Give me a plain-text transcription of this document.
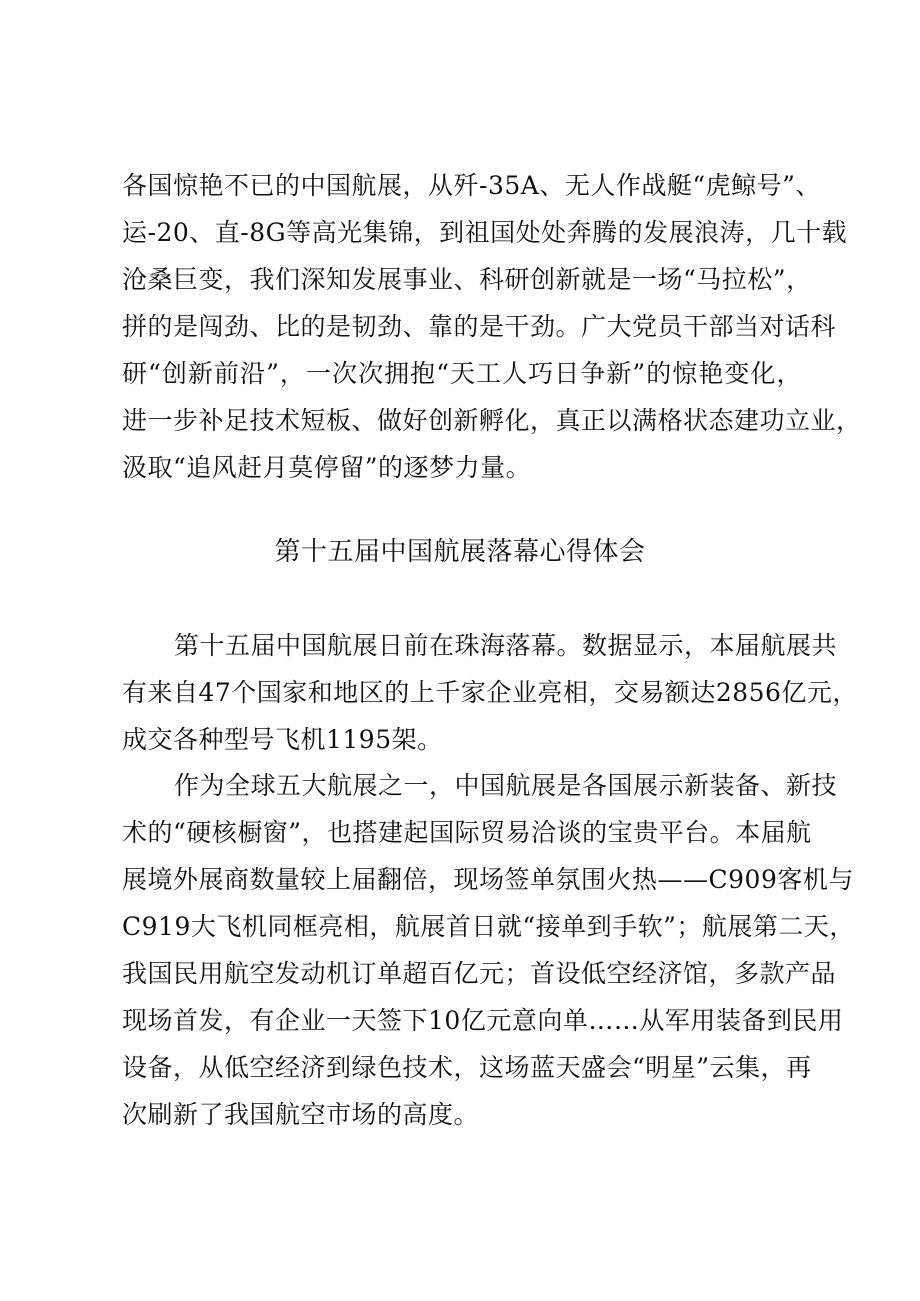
各国惊艳不已的中国航展，从歼-35A、无人作战艇“虎鲸号”、
运-20、直-8G等高光集锦，到祖国处处奔腾的发展浪涛，几十载
沧桑巨变，我们深知发展事业、科研创新就是一场“马拉松”，
拼的是闯劲、比的是韧劲、靠的是干劲。广大党员干部当对话科
研“创新前沿”，一次次拥抱“天工人巧日争新”的惊艳变化，
进一步补足技术短板、做好创新孵化，真正以满格状态建功立业，
汲取“追风赶月莫停留”的逐梦力量。
第十五届中国航展落幕心得体会
第十五届中国航展日前在珠海落幕。数据显示，本届航展共
有来自47个国家和地区的上千家企业亮相，交易额达2856亿元，
成交各种型号飞机1195架。
作为全球五大航展之一，中国航展是各国展示新装备、新技
术的“硬核橱窗”，也搭建起国际贸易洽谈的宝贵平台。本届航
展境外展商数量较上届翻倍，现场签单氛围火热——C909客机与
C919大飞机同框亮相，航展首日就“接单到手软”；航展第二天，
我国民用航空发动机订单超百亿元；首设低空经济馆，多款产品
现场首发，有企业一天签下10亿元意向单……从军用装备到民用
设备，从低空经济到绿色技术，这场蓝天盛会“明星”云集，再
次刷新了我国航空市场的高度。
